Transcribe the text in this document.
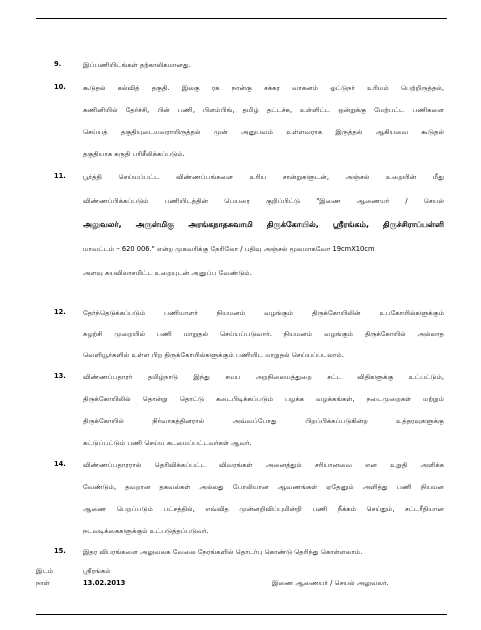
9.	இப்பணியிடங்கள் தற்காலிகமானது.
10.	கூடுதல் கல்வித் தகுதி. இலகு ரக நான்கு சக்கர வாகனம் ஓட்டுநர் உரிமம் பெற்றிருத்தல்,
கணினியில் தேர்ச்சி, பின் பணி, பிளம்பிங், தமிழ் தட்டச்சு, உள்ளிட்ட ஒன்றுக்கு மேற்பட்ட பணிகளை
செய்யத் தகுதியுடையவராயிருத்தல் முன் அனுபவம் உள்ளவராக இருத்தல் ஆகியவை கூடுதல்
தகுதியாக கருதி பரிசீலிக்கப்படும்.
11.	பூர்த்தி செய்யப்பட்ட விண்ணப்பங்களை உரிய சான்றுகளுடன், அஞ்சல் உறையின் மீது
விண்ணப்பிக்கப்படும் பணியிடத்தின் பெயரை குறிப்பிட்டு "இணை ஆணையர் / செயல்
அலுவலர், அருள்மிகு அரங்கநாதசுவாமி திருக்கோயில், ஸ்ரீரங்கம், திருச்சிராப்பள்ளி
மாவட்டம் – 620 006." என்ற முகவரிக்கு நேரிலோ / பதிவு அஞ்சல் மூலமாகவோ 19cmX10cm
அளவு சுயவிலாசமிட்ட உறையுடன் அனுப்ப வேண்டும்.
12.	தேர்ந்தெடுக்கப்படும் பணியாளர் நியமனம் வழங்கும் திருக்கோயிலின் உபகோயில்களுக்கும்
சுழற்சி முறையில் பணி மாறுதல் செய்யப்படுவார். நியமனம் வழங்கும் திருக்கோயில் அல்லாத
வெளியூர்களில் உள்ள பிற திருக்கோயில்களுக்கும் பணியிட மாறுதல் செய்யப்படலாம்.
13.	விண்ணப்பதாரர் தமிழ்நாடு இந்து சமய அறநிலையத்துறை சட்ட விதிகளுக்கு உட்பட்டும்,
திருக்கோயிலில் தொன்று தொட்டு கடைபிடிக்கப்படும் பழக்க வழக்கங்கள், நடைமுறைகள் மற்றும்
திருக்கோயில் நிர்வாகத்தினரால் அவ்வப்போது பிறப்பிக்கப்படுகின்ற உத்தரவுகளுக்கு
கட்டுப்பட்டும் பணி செய்ய கடமைப்பட்டவர்கள் ஆவர்.
14.	விண்ணப்பதாரரால் தெரிவிக்கப்பட்ட விவரங்கள் அனைத்தும் சரியானவை என உறுதி அளிக்க
வேண்டும், தவறான தகவல்கள் அல்லது போலியான ஆவணங்கள் ஏதேனும் அளித்து பணி நியமன
ஆணை பெறப்படும் பட்சத்தில், எவ்வித முன்னறிவிப்புமின்றி பணி நீக்கம் செய்தும், சட்டரீதியான
நடவடிக்கைகளுக்கும் உட்படுத்தப்படுவர்.
15.	இதர விபரங்களை அலுவலக வேலை நேரங்களில் தொடர்பு கொண்டு தெரிந்து கொள்ளலாம்.
இடம்	ஸ்ரீரங்கம்
நாள்	13.02.2013	இணை ஆணையர் / செயல் அலுவலர்.
